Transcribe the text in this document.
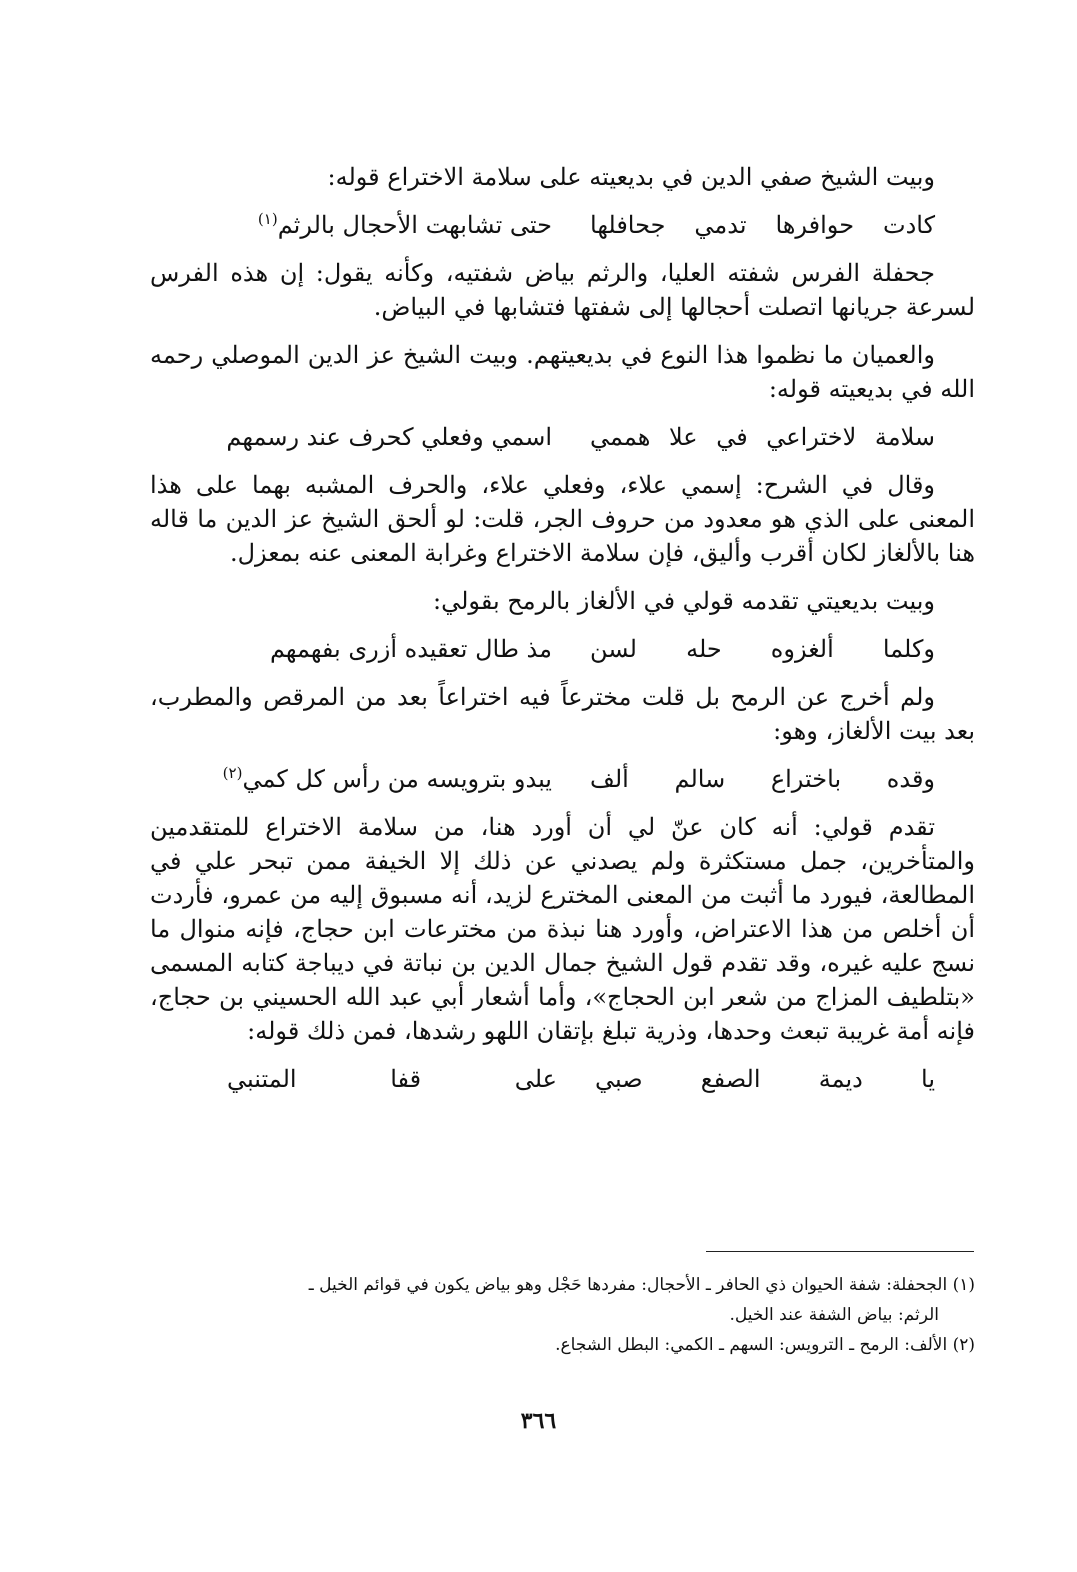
وبيت الشيخ صفي الدين في بديعيته على سلامة الاختراع قوله:

كادت حوافرها تدمي جحافلها
حتى تشابهت الأحجال بالرثم$^{(١)}$

جحفلة الفرس شفته العليا، والرثم بياض شفتيه، وكأنه يقول: إن هذه الفرس لسرعة جريانها اتصلت أحجالها إلى شفتها فتشابها في البياض.

والعميان ما نظموا هذا النوع في بديعيتهم. وبيت الشيخ عز الدين الموصلي رحمه الله في بديعيته قوله:

سلامة لاختراعي في علا هممي
اسمي وفعلي كحرف عند رسمهم

وقال في الشرح: إسمي علاء، وفعلي علاء، والحرف المشبه بهما على هذا المعنى على الذي هو معدود من حروف الجر، قلت: لو ألحق الشيخ عز الدين ما قاله هنا بالألغاز لكان أقرب وأليق، فإن سلامة الاختراع وغرابة المعنى عنه بمعزل.

وبيت بديعيتي تقدمه قولي في الألغاز بالرمح بقولي:

وكلما ألغزوه حله لسن
مذ طال تعقيده أزرى بفهمهم

ولم أخرج عن الرمح بل قلت مخترعاً فيه اختراعاً بعد من المرقص والمطرب، بعد بيت الألغاز، وهو:

وقده باختراع سالم ألف
يبدو بترويسه من رأس كل كمي$^{(٢)}$

تقدم قولي: أنه كان عنّ لي أن أورد هنا، من سلامة الاختراع للمتقدمين والمتأخرين، جمل مستكثرة ولم يصدني عن ذلك إلا الخيفة ممن تبحر علي في المطالعة، فيورد ما أثبت من المعنى المخترع لزيد، أنه مسبوق إليه من عمرو، فأردت أن أخلص من هذا الاعتراض، وأورد هنا نبذة من مخترعات ابن حجاج، فإنه منوال ما نسج عليه غيره، وقد تقدم قول الشيخ جمال الدين بن نباتة في ديباجة كتابه المسمى «بتلطيف المزاج من شعر ابن الحجاج»، وأما أشعار أبي عبد الله الحسيني بن حجاج، فإنه أمة غريبة تبعث وحدها، وذرية تبلغ بإتقان اللهو رشدها، فمن ذلك قوله:

يا ديمة الصفع صبي
على قفا المتنبي

(١) الجحفلة: شفة الحيوان ذي الحافر ـ الأحجال: مفردها حَجْل وهو بياض يكون في قوائم الخيل ـ

الرثم: بياض الشفة عند الخيل.

(٢) الألف: الرمح ـ الترويس: السهم ـ الكمي: البطل الشجاع.

٣٦٦
